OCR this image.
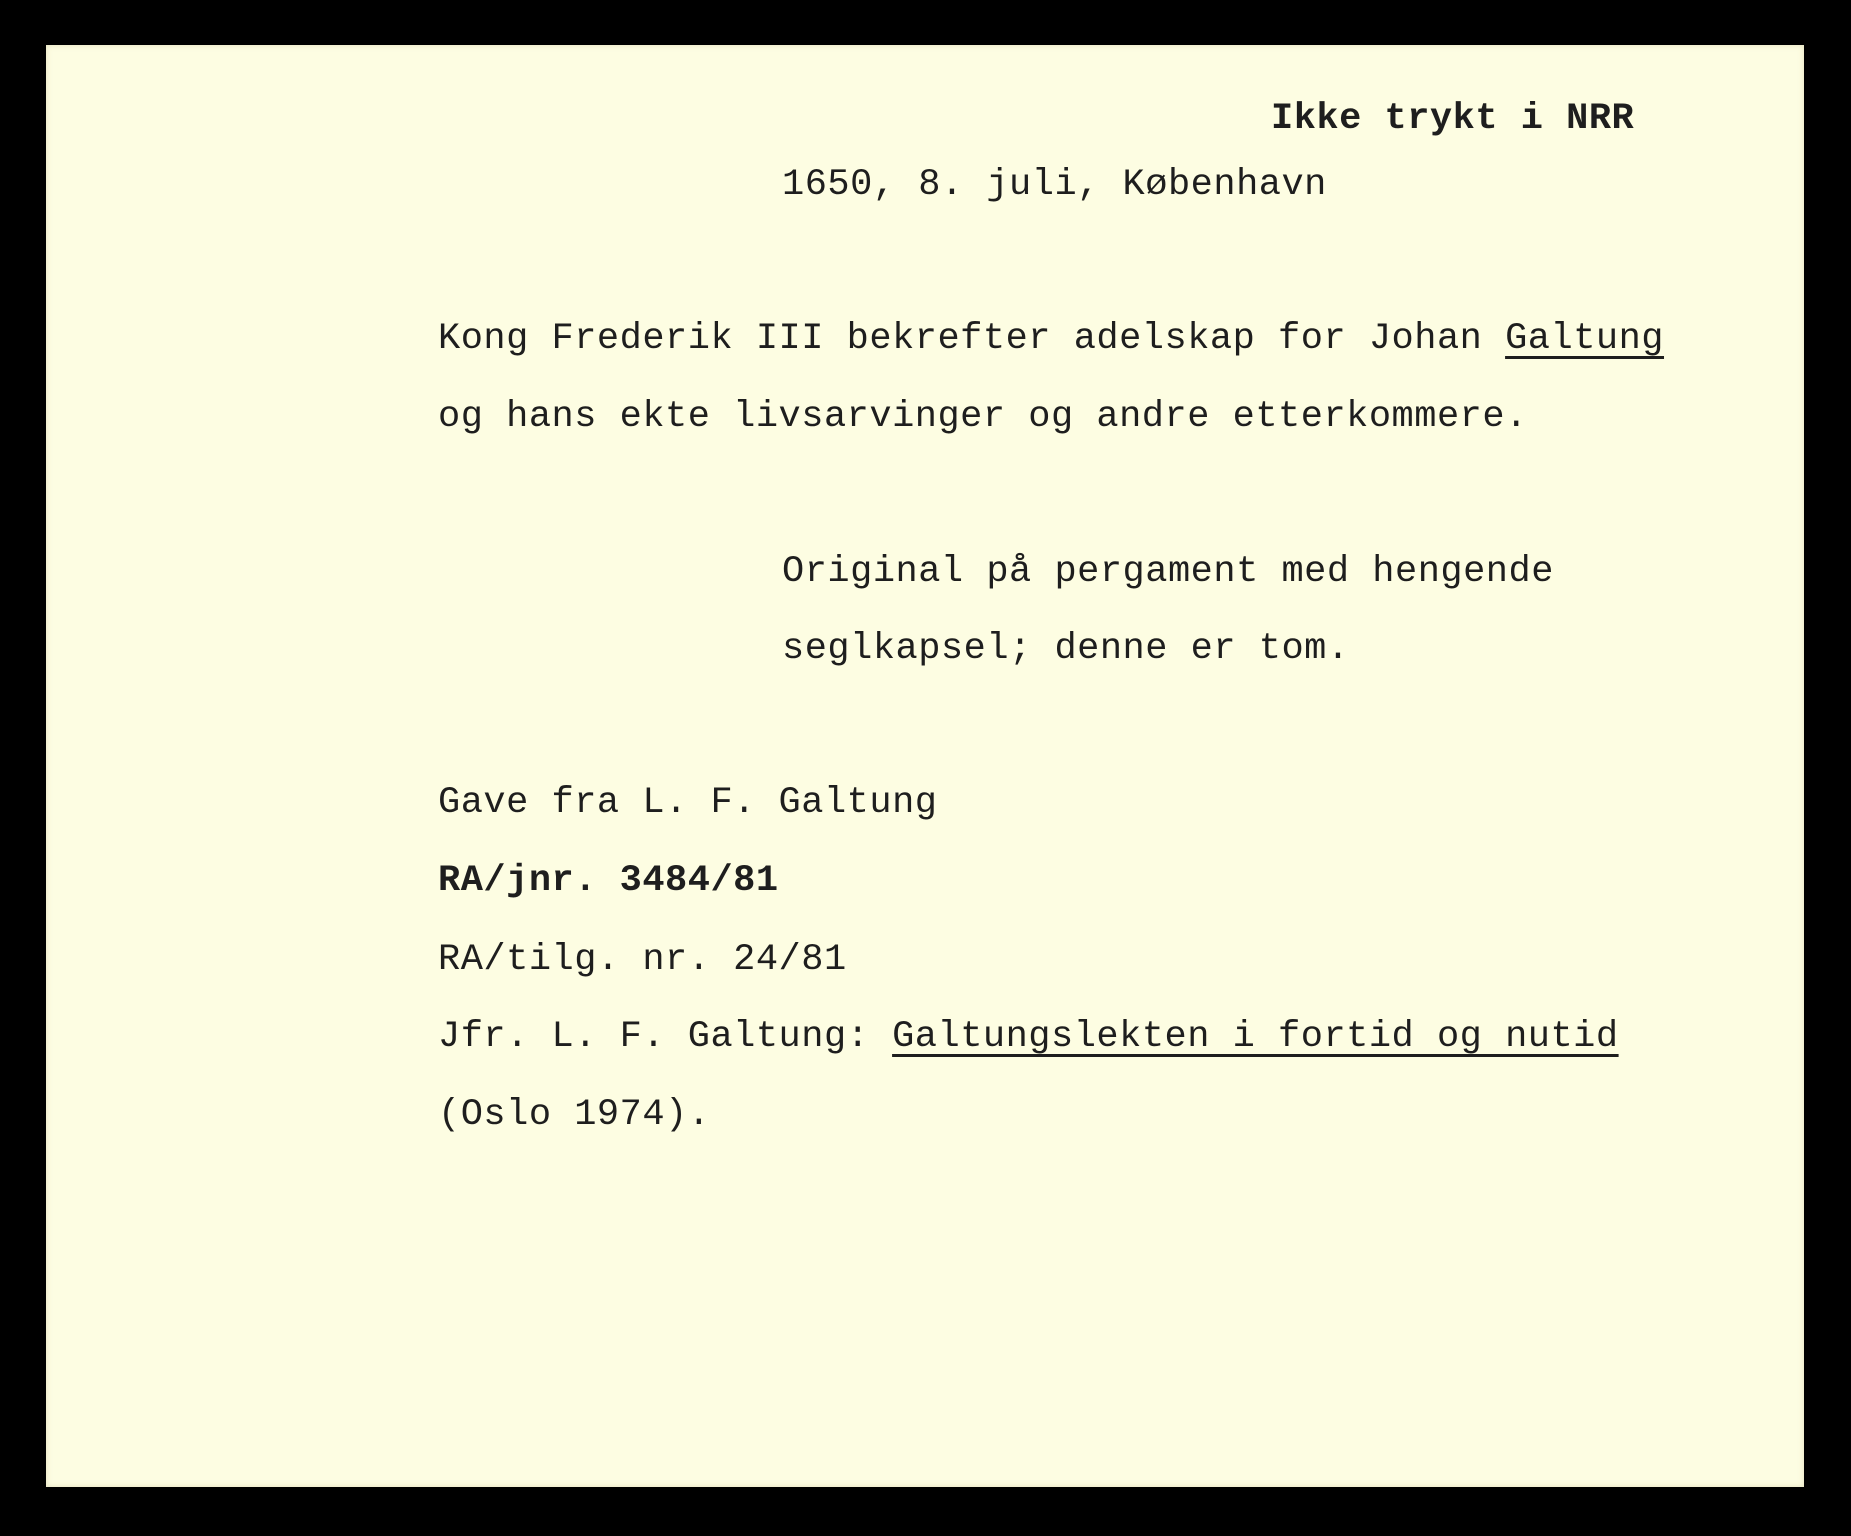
Ikke trykt i NRR

1650, 8. juli, København

Kong Frederik III bekrefter adelskap for Johan Galtung

og hans ekte livsarvinger og andre etterkommere.

Original på pergament med hengende

seglkapsel; denne er tom.

Gave fra L. F. Galtung

RA/jnr. 3484/81

RA/tilg. nr. 24/81

Jfr. L. F. Galtung: Galtungslekten i fortid og nutid

(Oslo 1974).
